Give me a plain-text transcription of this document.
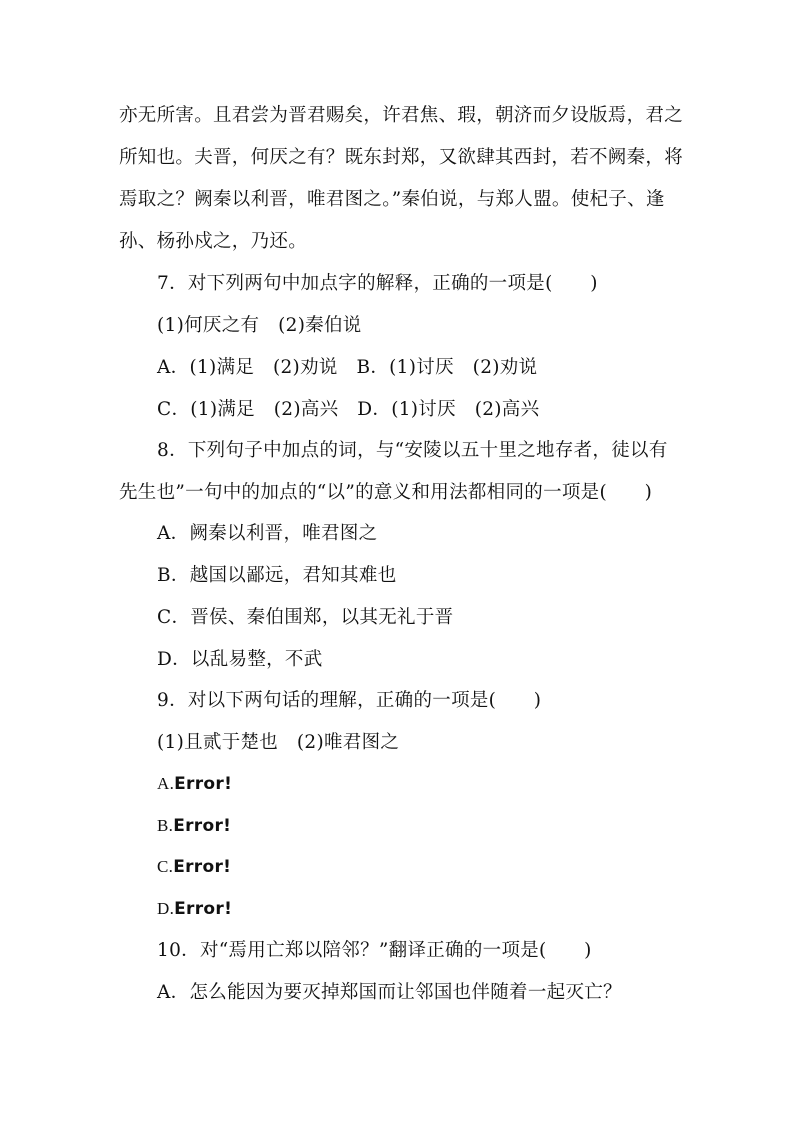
亦无所害。且君尝为晋君赐矣，许君焦、瑕，朝济而夕设版焉，君之
所知也。夫晋，何厌之有？既东封郑，又欲肆其西封，若不阙秦，将
焉取之？阙秦以利晋，唯君图之。”秦伯说，与郑人盟。使杞子、逢
孙、杨孙戍之，乃还。
7．对下列两句中加点字的解释，正确的一项是(　　)
(1)何厌之有　(2)秦伯说
A．(1)满足　(2)劝说　B．(1)讨厌　(2)劝说
C．(1)满足　(2)高兴　D．(1)讨厌　(2)高兴
8．下列句子中加点的词，与“安陵以五十里之地存者，徒以有
先生也”一句中的加点的“以”的意义和用法都相同的一项是(　　)
A．阙秦以利晋，唯君图之
B．越国以鄙远，君知其难也
C．晋侯、秦伯围郑，以其无礼于晋
D．以乱易整，不武
9．对以下两句话的理解，正确的一项是(　　)
(1)且贰于楚也　(2)唯君图之
A.Error!
B.Error!
C.Error!
D.Error!
10．对“焉用亡郑以陪邻？”翻译正确的一项是(　　)
A．怎么能因为要灭掉郑国而让邻国也伴随着一起灭亡？
